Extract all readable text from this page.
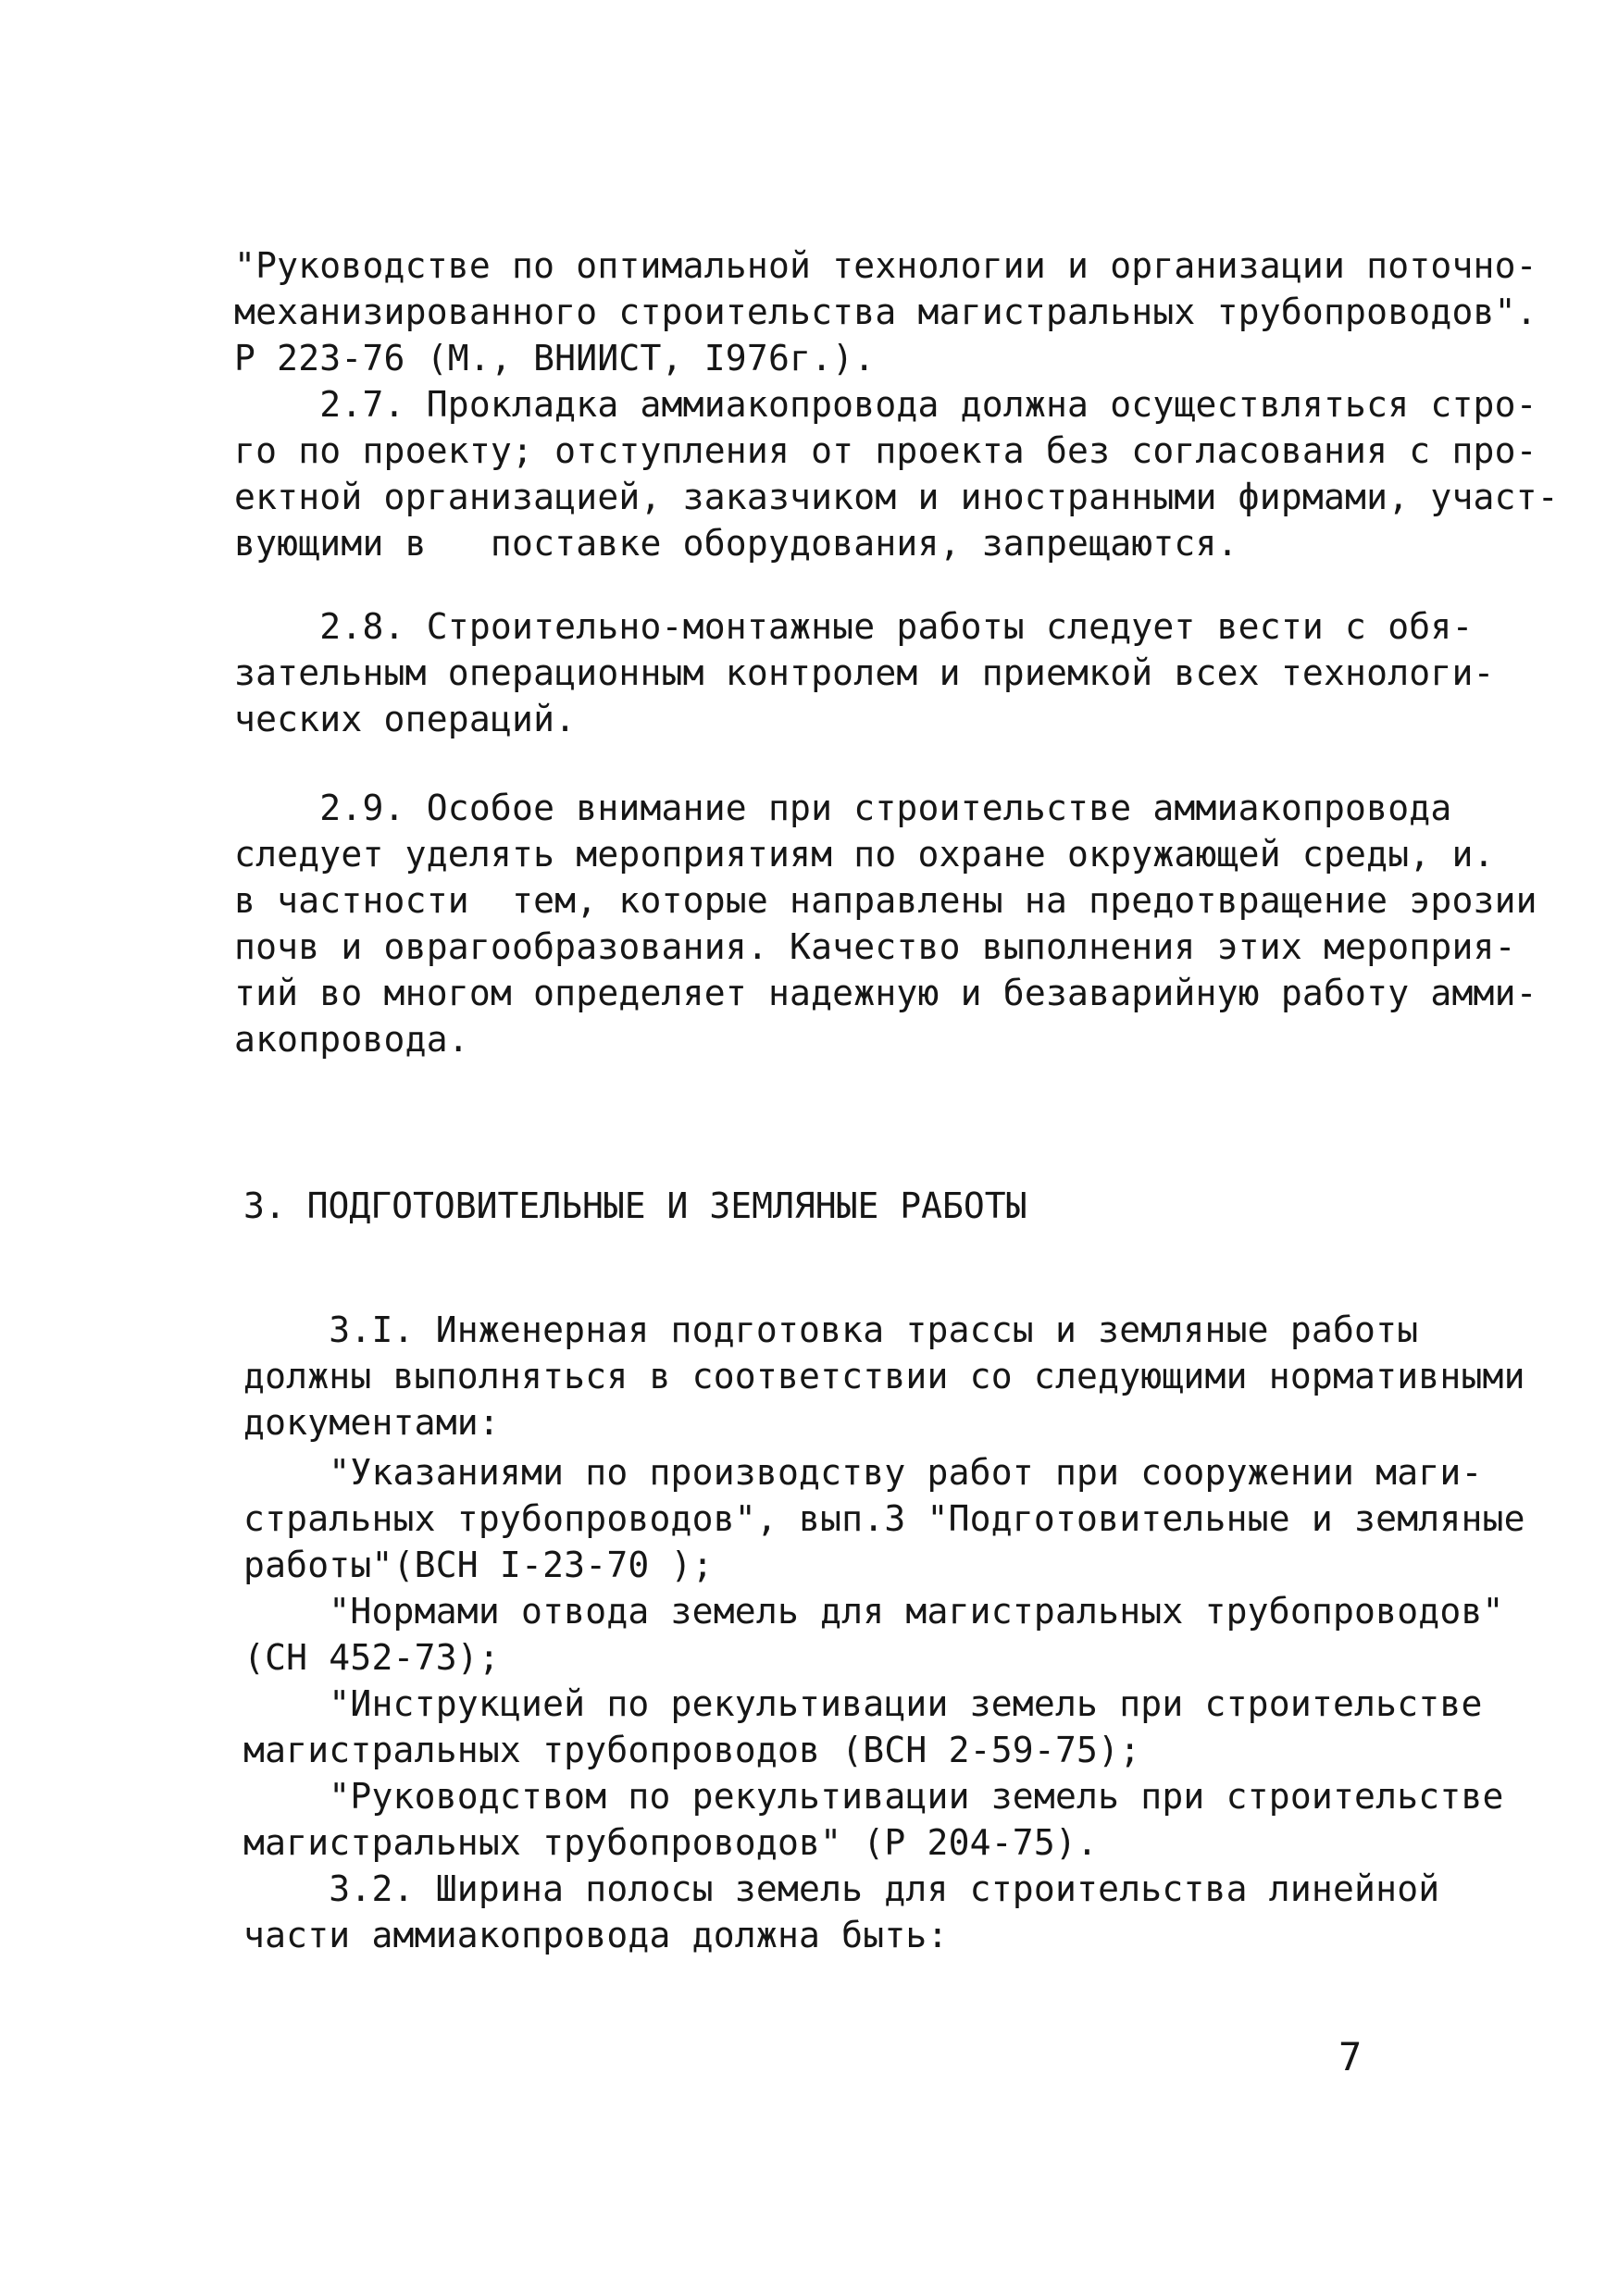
"Руководстве по оптимальной технологии и организации поточно-
механизированного строительства магистральных трубопроводов".
Р 223-76 (М., ВНИИСТ, I976г.).
2.7. Прокладка аммиакопровода должна осуществляться стро-
го по проекту; отступления от проекта без согласования с про-
ектной организацией, заказчиком и иностранными фирмами, участ-
вующими в   поставке оборудования, запрещаются.
2.8. Строительно-монтажные работы следует вести с обя-
зательным операционным контролем и приемкой всех технологи-
ческих операций.
2.9. Особое внимание при строительстве аммиакопровода
следует уделять мероприятиям по охране окружающей среды, и.
в частности  тем, которые направлены на предотвращение эрозии
почв и оврагообразования. Качество выполнения этих мероприя-
тий во многом определяет надежную и безаварийную работу амми-
акопровода.
3. ПОДГОТОВИТЕЛЬНЫЕ И ЗЕМЛЯНЫЕ РАБОТЫ
3.I. Инженерная подготовка трассы и земляные работы
должны выполняться в соответствии со следующими нормативными
документами:
"Указаниями по производству работ при сооружении маги-
стральных трубопроводов", вып.3 "Подготовительные и земляные
работы"(ВСН I-23-70 );
"Нормами отвода земель для магистральных трубопроводов"
(СН 452-73);
"Инструкцией по рекультивации земель при строительстве
магистральных трубопроводов (ВСН 2-59-75);
"Руководством по рекультивации земель при строительстве
магистральных трубопроводов" (Р 204-75).
3.2. Ширина полосы земель для строительства линейной
части аммиакопровода должна быть:
7
